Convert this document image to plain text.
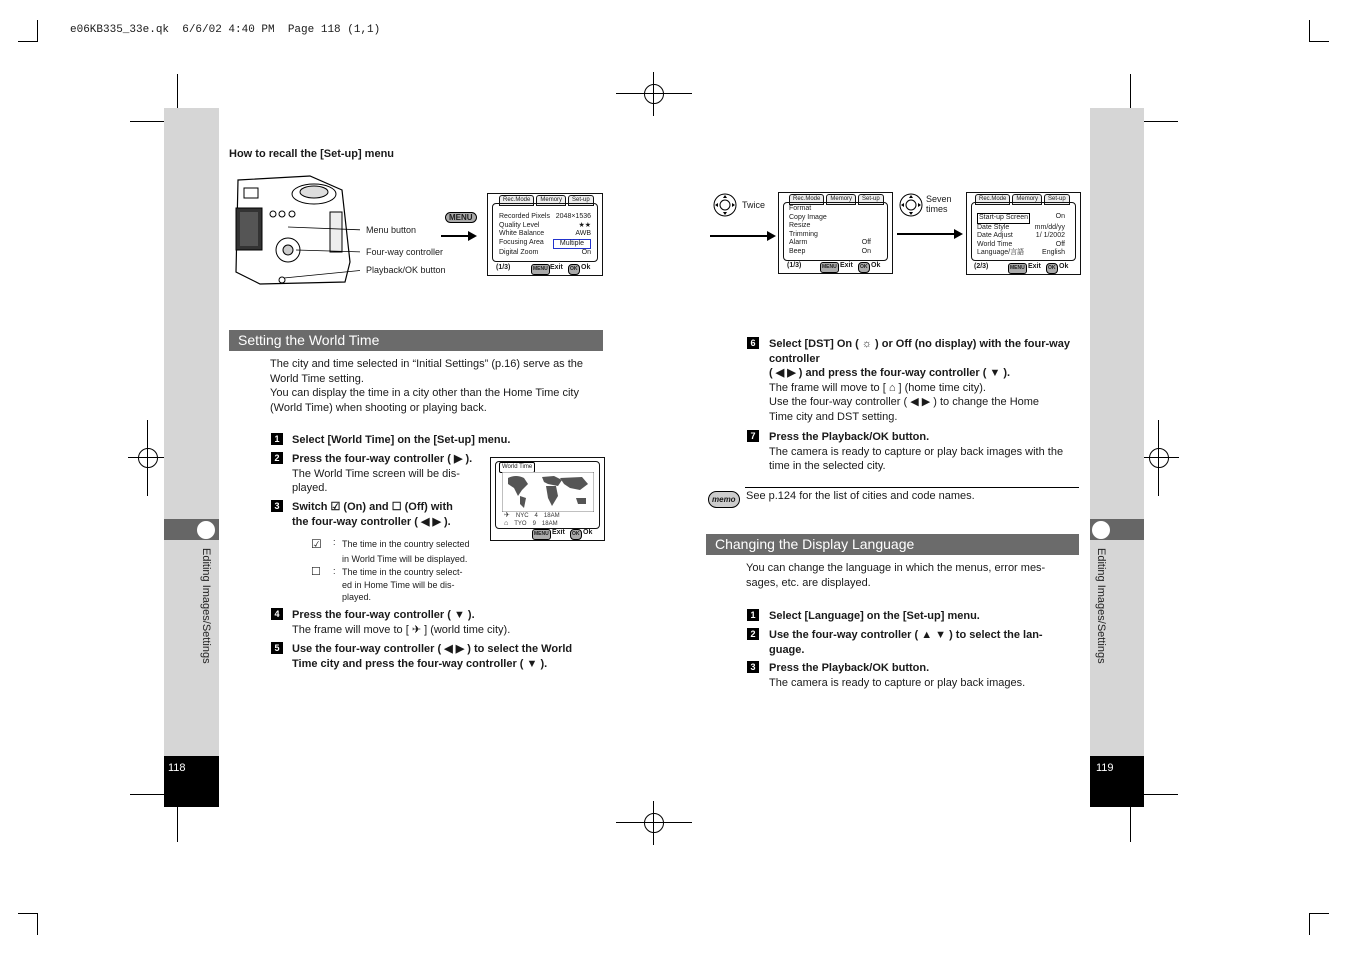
e06KB335_33e.qk  6/6/02 4:40 PM  Page 118 (1,1)
Editing Images/Settings
118
Editing Images/Settings
119
How to recall the [Set-up] menu
Menu button
Four-way controller
Playback/OK button
MENU
Rec.Mode	Memory	Set-up
Recorded Pixels 2048×1536
Quality Level	★★
White Balance	AWB
Focusing Area	Multiple
Digital Zoom	On
(1/3)	MENU Exit	OK Ok
Twice
Rec.Mode	Memory	Set-up
Format
Copy Image
Resize
Trimming
Alarm	Off
Beep	On
(1/3)	MENU Exit	OK Ok
Seven times
Rec.Mode	Memory	Set-up
Start-up Screen	On
Date Style	mm/dd/yy
Date Adjust	1/ 1/2002
World Time	Off
Language/言語	English
(2/3)	MENU Exit	OK Ok
Setting the World Time
The city and time selected in “Initial Settings” (p.16) serve as the
World Time setting.
You can display the time in a city other than the Home Time city
(World Time) when shooting or playing back.
1	Select [World Time] on the [Set-up] menu.
2	Press the four-way controller ( ▶ ).
The World Time screen will be dis-
played.
3	Switch ☑ (On) and ☐ (Off) with
the four-way controller ( ◀ ▶ ).
☑ : The time in the country selected
in World Time will be displayed.
☐ : The time in the country select-
ed in Home Time will be dis-
played.
4	Press the four-way controller ( ▼ ).
The frame will move to [ ✈ ] (world time city).
5	Use the four-way controller ( ◀ ▶ ) to select the World
Time city and press the four-way controller ( ▼ ).
World Time
✈ NYC 4 18AM
⌂ TYO 9 18AM
MENU Exit	OK Ok
6	Select [DST] On ( ☼ ) or Off (no display) with the four-way
controller
( ◀ ▶ ) and press the four-way controller ( ▼ ).
The frame will move to [ ⌂ ] (home time city).
Use the four-way controller ( ◀ ▶ ) to change the Home
Time city and DST setting.
7	Press the Playback/OK button.
The camera is ready to capture or play back images with the
time in the selected city.
memo See p.124 for the list of cities and code names.
Changing the Display Language
You can change the language in which the menus, error mes-
sages, etc. are displayed.
1	Select [Language] on the [Set-up] menu.
2	Use the four-way controller ( ▲ ▼ ) to select the lan-
guage.
3	Press the Playback/OK button.
The camera is ready to capture or play back images.
